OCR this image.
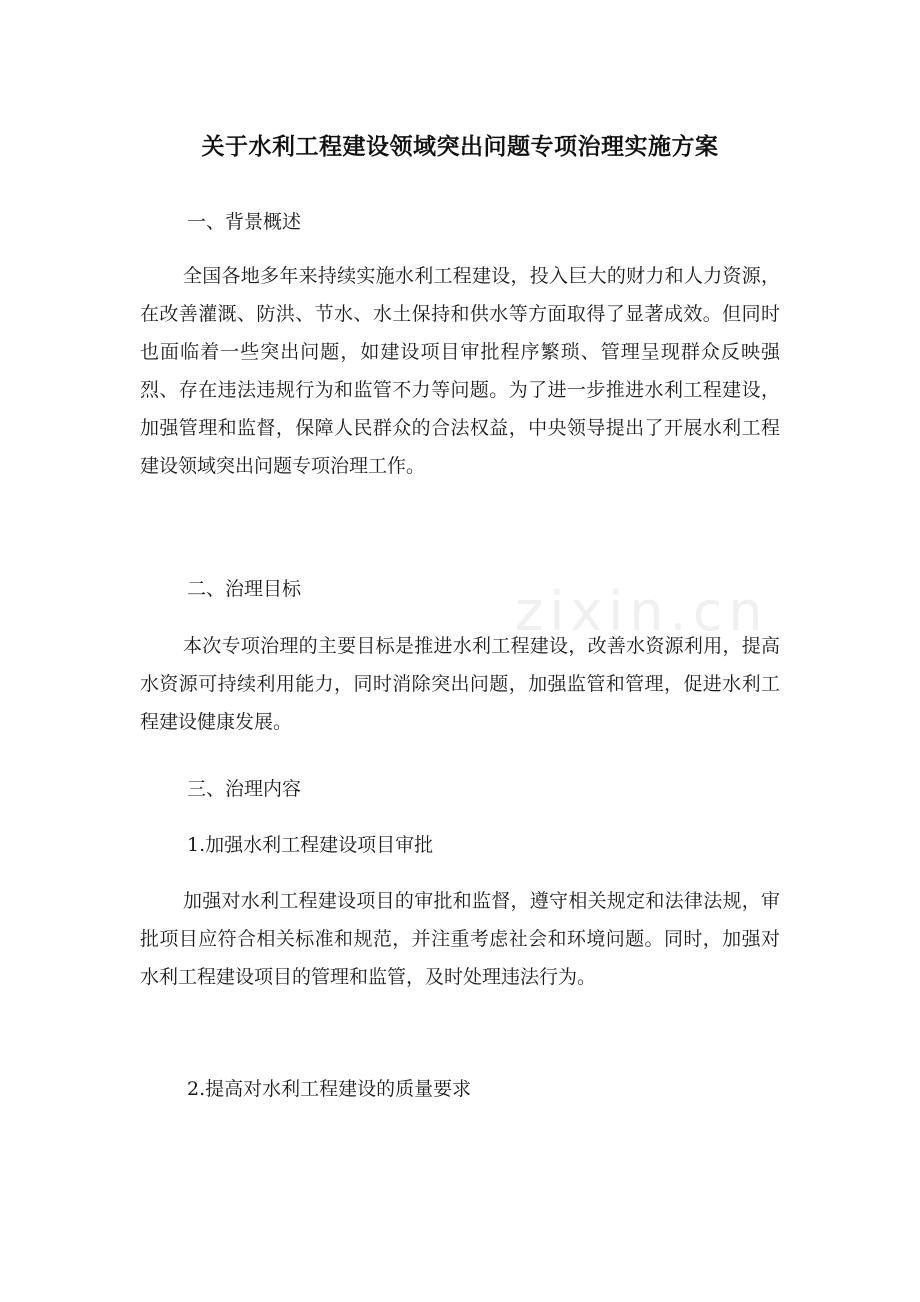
zixin.cn
关于水利工程建设领域突出问题专项治理实施方案

一、背景概述

全国各地多年来持续实施水利工程建设，投入巨大的财力和人力资源，在改善灌溉、防洪、节水、水土保持和供水等方面取得了显著成效。但同时也面临着一些突出问题，如建设项目审批程序繁琐、管理呈现群众反映强烈、存在违法违规行为和监管不力等问题。为了进一步推进水利工程建设，加强管理和监督，保障人民群众的合法权益，中央领导提出了开展水利工程建设领域突出问题专项治理工作。

二、治理目标

本次专项治理的主要目标是推进水利工程建设，改善水资源利用，提高水资源可持续利用能力，同时消除突出问题，加强监管和管理，促进水利工程建设健康发展。

三、治理内容

1.加强水利工程建设项目审批

加强对水利工程建设项目的审批和监督，遵守相关规定和法律法规，审批项目应符合相关标准和规范，并注重考虑社会和环境问题。同时，加强对水利工程建设项目的管理和监管，及时处理违法行为。

2.提高对水利工程建设的质量要求
